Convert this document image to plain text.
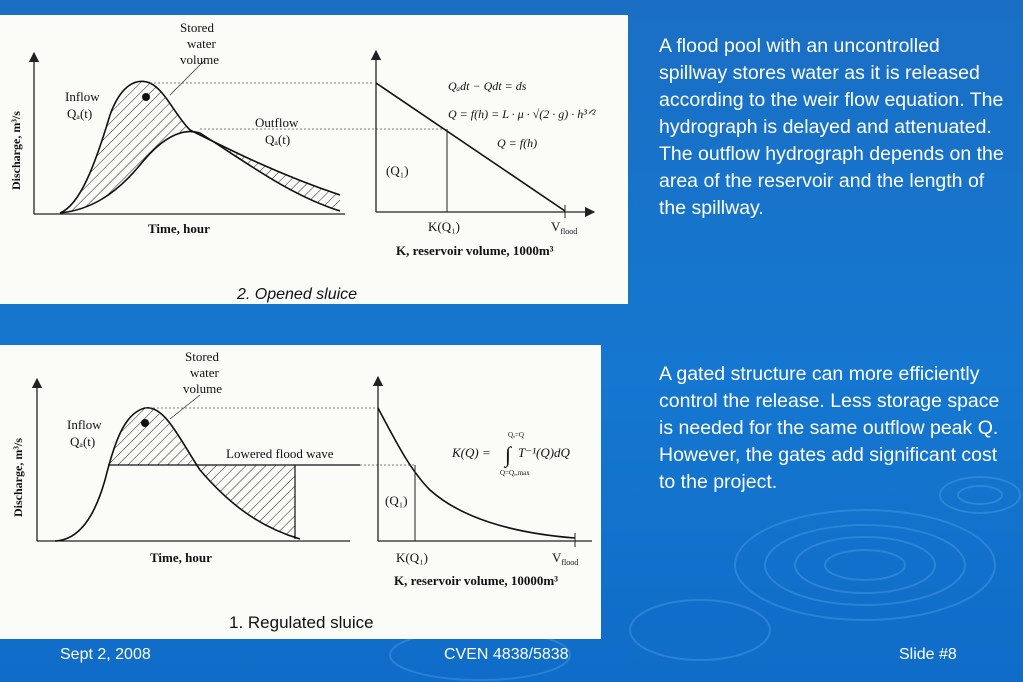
Stored
water
volume
Discharge, m³/s
Inflow
Qₐ(t)
Outflow
Qₐ(t)
Time, hour
Qₐdt − Qdt = ds
Q = f(h) = L · μ · √(2 · g) · h³ᐟ²
Q = f(h)
(Q₁)
K(Q₁)	$V_{flood}$
K, reservoir volume, 1000m³
2. Opened sluice
Stored
water
volume
Discharge, m³/s
Inflow
Qₐ(t)
Lowered flood wave
Time, hour
K(Q) = ∫ T⁻¹(Q)dQ
Qₐ=Q
Q=Qₐ,max
(Q₁)
K(Q₁)	$V_{flood}$
K, reservoir volume, 10000m³
1. Regulated sluice

A flood pool with an uncontrolled spillway stores water as it is released according to the weir flow equation. The hydrograph is delayed and attenuated. The outflow hydrograph depends on the area of the reservoir and the length of the spillway.

A gated structure can more efficiently control the release. Less storage space is needed for the same outflow peak Q. However, the gates add significant cost to the project.

Sept 2, 2008	CVEN 4838/5838	Slide #8
